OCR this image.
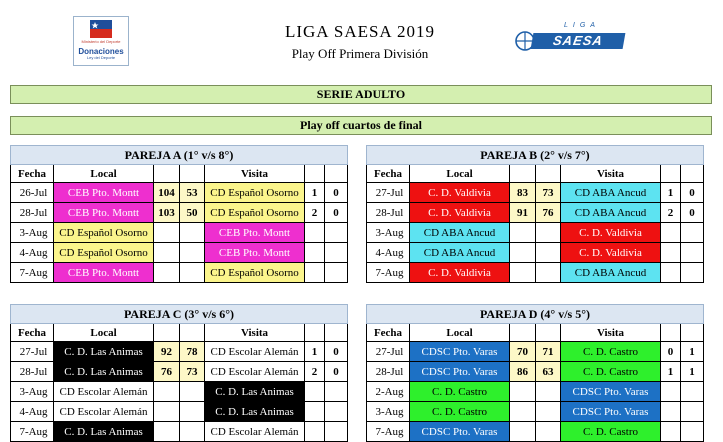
Ministerio del Deporte
Donaciones
Ley del Deporte
LIGA SAESA 2019
Play Off Primera División
LIGA
SAESA
SERIE ADULTO
Play off cuartos de final
PAREJA A (1° v/s 8°)						
Fecha	Local			Visita		
26-Jul	CEB Pto. Montt	104	53	CD Español Osorno	1	0
28-Jul	CEB Pto. Montt	103	50	CD Español Osorno	2	0
3-Aug	CD Español Osorno			CEB Pto. Montt		
4-Aug	CD Español Osorno			CEB Pto. Montt		
7-Aug	CEB Pto. Montt			CD Español Osorno		
PAREJA B (2° v/s 7°)						
Fecha	Local			Visita		
27-Jul	C. D. Valdivia	83	73	CD ABA Ancud	1	0
28-Jul	C. D. Valdivia	91	76	CD ABA Ancud	2	0
3-Aug	CD ABA Ancud			C. D. Valdivia		
4-Aug	CD ABA Ancud			C. D. Valdivia		
7-Aug	C. D. Valdivia			CD ABA Ancud		
PAREJA C (3° v/s 6°)						
Fecha	Local			Visita		
27-Jul	C. D. Las Animas	92	78	CD Escolar Alemán	1	0
28-Jul	C. D. Las Animas	76	73	CD Escolar Alemán	2	0
3-Aug	CD Escolar Alemán			C. D. Las Animas		
4-Aug	CD Escolar Alemán			C. D. Las Animas		
7-Aug	C. D. Las Animas			CD Escolar Alemán		
PAREJA D (4° v/s 5°)						
Fecha	Local			Visita		
27-Jul	CDSC Pto. Varas	70	71	C. D. Castro	0	1
28-Jul	CDSC Pto. Varas	86	63	C. D. Castro	1	1
2-Aug	C. D. Castro			CDSC Pto. Varas		
3-Aug	C. D. Castro			CDSC Pto. Varas		
7-Aug	CDSC Pto. Varas			C. D. Castro		
